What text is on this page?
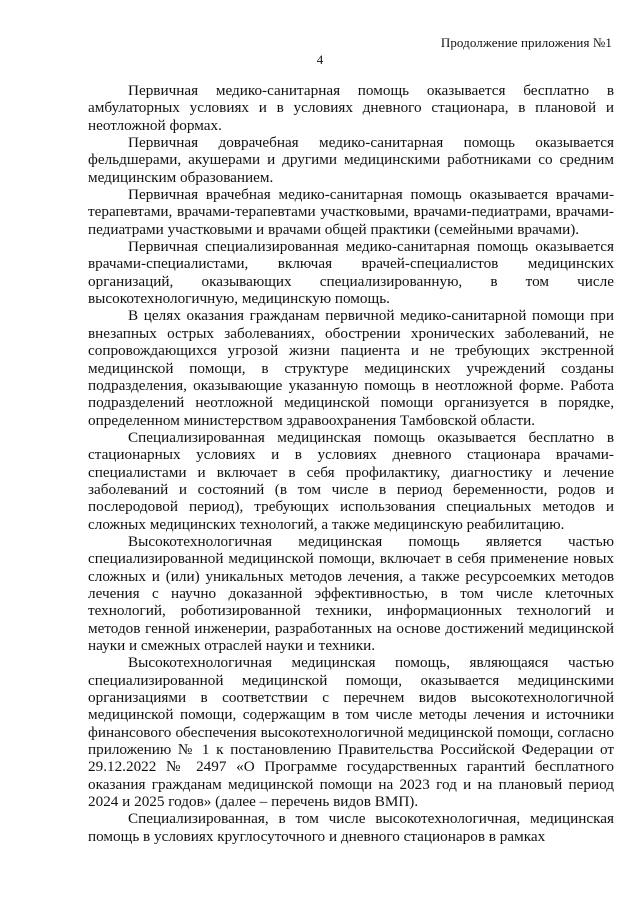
Продолжение приложения №1
4

Первичная медико-санитарная помощь оказывается бесплатно в амбулаторных условиях и в условиях дневного стационара, в плановой и неотложной формах.

Первичная доврачебная медико-санитарная помощь оказывается фельдшерами, акушерами и другими медицинскими работниками со средним медицинским образованием.

Первичная врачебная медико-санитарная помощь оказывается врачами-терапевтами, врачами-терапевтами участковыми, врачами-педиатрами, врачами-педиатрами участковыми и врачами общей практики (семейными врачами).

Первичная специализированная медико-санитарная помощь оказывается врачами-специалистами, включая врачей-специалистов медицинских организаций, оказывающих специализированную, в том числе высокотехнологичную, медицинскую помощь.

В целях оказания гражданам первичной медико-санитарной помощи при внезапных острых заболеваниях, обострении хронических заболеваний, не сопровождающихся угрозой жизни пациента и не требующих экстренной медицинской помощи, в структуре медицинских учреждений созданы подразделения, оказывающие указанную помощь в неотложной форме. Работа подразделений неотложной медицинской помощи организуется в порядке, определенном министерством здравоохранения Тамбовской области.

Специализированная медицинская помощь оказывается бесплатно в стационарных условиях и в условиях дневного стационара врачами-специалистами и включает в себя профилактику, диагностику и лечение заболеваний и состояний (в том числе в период беременности, родов и послеродовой период), требующих использования специальных методов и сложных медицинских технологий, а также медицинскую реабилитацию.

Высокотехнологичная медицинская помощь является частью специализированной медицинской помощи, включает в себя применение новых сложных и (или) уникальных методов лечения, а также ресурсоемких методов лечения с научно доказанной эффективностью, в том числе клеточных технологий, роботизированной техники, информационных технологий и методов генной инженерии, разработанных на основе достижений медицинской науки и смежных отраслей науки и техники.

Высокотехнологичная медицинская помощь, являющаяся частью специализированной медицинской помощи, оказывается медицинскими организациями в соответствии с перечнем видов высокотехнологичной медицинской помощи, содержащим в том числе методы лечения и источники финансового обеспечения высокотехнологичной медицинской помощи, согласно приложению № 1 к постановлению Правительства Российской Федерации от 29.12.2022 № 2497 «О Программе государственных гарантий бесплатного оказания гражданам медицинской помощи на 2023 год и на плановый период 2024 и 2025 годов» (далее – перечень видов ВМП).

Специализированная, в том числе высокотехнологичная, медицинская помощь в условиях круглосуточного и дневного стационаров в рамках
